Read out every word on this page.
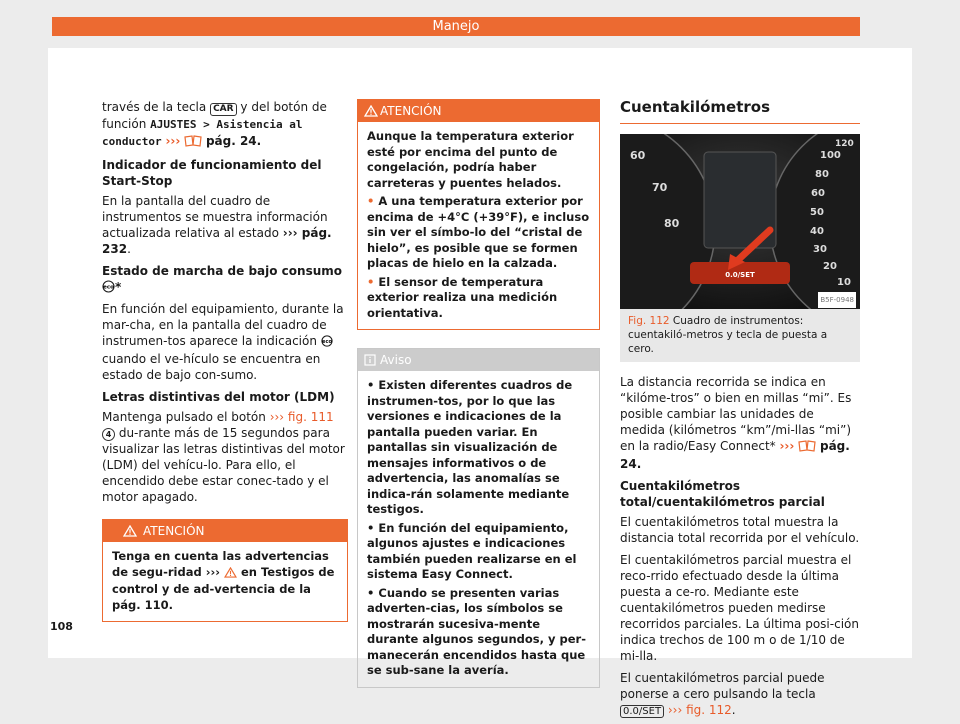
Manejo

través de la tecla CAR y del botón de función AJUSTES > Asistencia al conductor ››› pág. 24.

Indicador de funcionamiento del Start-Stop

En la pantalla del cuadro de instrumentos se muestra información actualizada relativa al estado ››› pág. 232.

Estado de marcha de bajo consumo
eco *

En función del equipamiento, durante la mar-cha, en la pantalla del cuadro de instrumen-tos aparece la indicación eco
cuando el ve-hículo se encuentra en estado de bajo con-sumo.

Letras distintivas del motor (LDM)

Mantenga pulsado el botón ››› fig. 111 4 du-rante más de 15 segundos para visualizar las letras distintivas del motor (LDM) del vehícu-lo. Para ello, el encendido debe estar conec-tado y el motor apagado.

ATENCIÓN
Tenga en cuenta las advertencias de segu-ridad ››› en Testigos de control y de ad-vertencia de la pág. 110.
ATENCIÓN

Aunque la temperatura exterior esté por encima del punto de congelación, podría haber carreteras y puentes helados.

• A una temperatura exterior por encima de +4°C (+39°F), e incluso sin ver el símbo-lo del “cristal de hielo”, es posible que se formen placas de hielo en la calzada.

• El sensor de temperatura exterior realiza una medición orientativa.

Aviso

• Existen diferentes cuadros de instrumen-tos, por lo que las versiones e indicaciones de la pantalla pueden variar. En pantallas sin visualización de mensajes informativos o de advertencia, las anomalías se indica-rán solamente mediante testigos.

• En función del equipamiento, algunos ajustes e indicaciones también pueden realizarse en el sistema Easy Connect.

• Cuando se presenten varias adverten-cias, los símbolos se mostrarán sucesiva-mente durante algunos segundos, y per-manecerán encendidos hasta que se sub-sane la avería.

Cuentakilómetros
60
70
80
120
100
80
60
50
40
30
20
10
0.0/SET
B5F-0948
Fig. 112 Cuadro de instrumentos: cuentakiló-metros y tecla de puesta a cero.

La distancia recorrida se indica en “kilóme-tros” o bien en millas “mi”. Es posible cambiar las unidades de medida (kilómetros “km”/mi-llas “mi”) en la radio/Easy Connect* ››› pág. 24.

Cuentakilómetros total/cuentakilómetros parcial

El cuentakilómetros total muestra la distancia total recorrida por el vehículo.

El cuentakilómetros parcial muestra el reco-rrido efectuado desde la última puesta a ce-ro. Mediante este cuentakilómetros pueden medirse recorridos parciales. La última posi-ción indica trechos de 100 m o de 1/10 de mi-lla.

El cuentakilómetros parcial puede ponerse a cero pulsando la tecla 0.0/SET ››› fig. 112.

108
